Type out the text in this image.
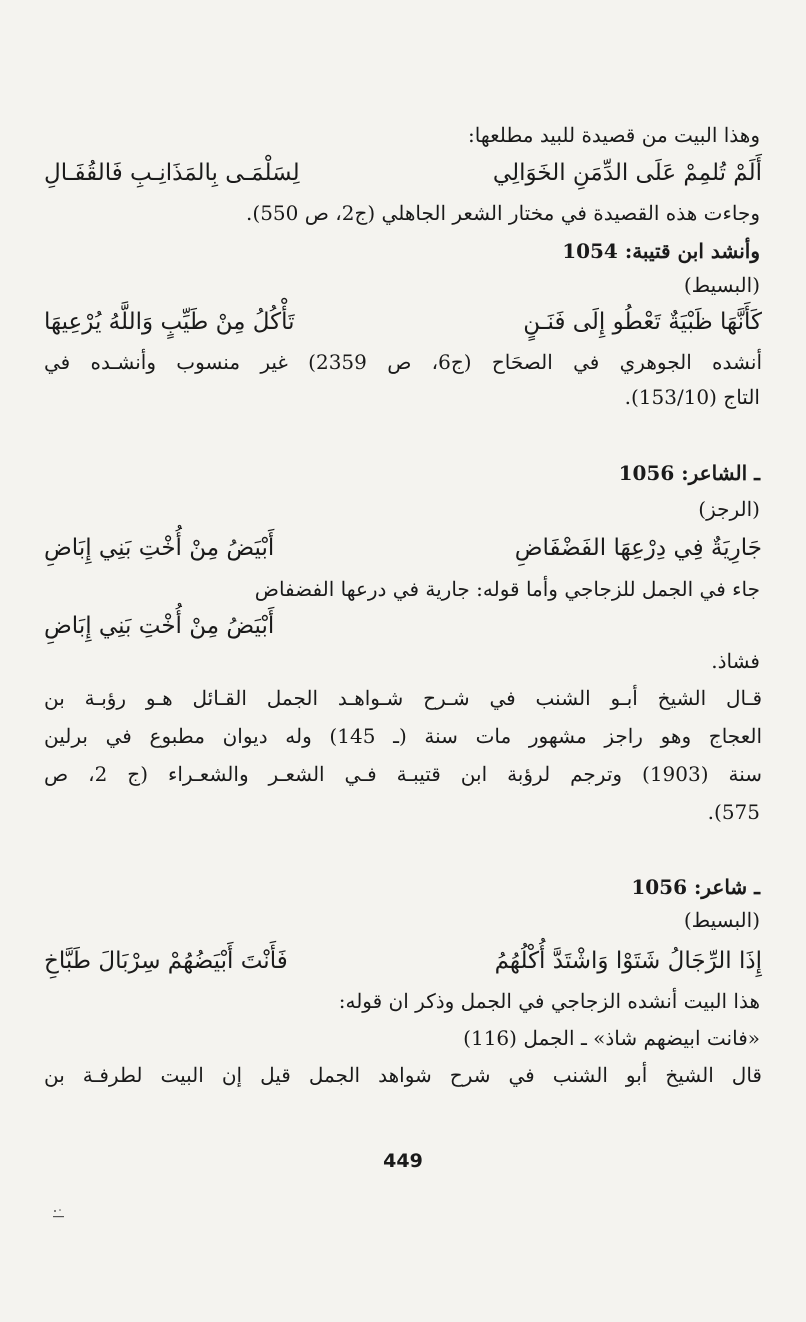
وهذا البيت من قصيدة للبيد مطلعها:
أَلَمْ تُلمِمْ عَلَى الدِّمَنِ الخَوَالِي
لِسَلْمَـى بِالمَذَانِـبِ فَالقُفَـالِ
وجاءت هذه القصيدة في مختار الشعر الجاهلي (ج2، ص 550).
وأنشد ابن قتيبة: 1054
(البسيط)
كَأَنَّهَا ظَبْيَةٌ تَعْطُو إِلَى فَنَـنٍ
تَأْكُلُ مِنْ طَيِّبٍ وَاللَّهُ يُرْعِيهَا
أنشده الجوهري في الصحَاح (ج6، ص 2359) غير منسوب وأنشـده في
التاج (153/10).
ـ الشاعر: 1056
(الرجز)
جَارِيَةٌ فِي دِرْعِهَا الفَضْفَاضِ
أَبْيَضُ مِنْ أُخْتِ بَنِي إِبَاضِ
جاء في الجمل للزجاجي وأما قوله: جارية في درعها الفضفاض
أَبْيَضُ مِنْ أُخْتِ بَنِي إِبَاضِ
فشاذ.
قـال الشيخ أبـو الشنب في شـرح شـواهـد الجمل القـائل هـو رؤبـة بن
العجاج وهو راجز مشهور مات سنة (ـ 145) وله ديوان مطبوع في برلين
سنة (1903) وترجم لرؤبة ابن قتيبـة فـي الشعـر والشعـراء (ج 2، ص
575).
ـ شاعر: 1056
(البسيط)
إِذَا الرِّجَالُ شَتَوْا وَاشْتَدَّ أُكْلُهُمُ
فَأَنْتَ أَبْيَضُهُمْ سِرْبَالَ طَبَّاخِ
هذا البيت أنشده الزجاجي في الجمل وذكر ان قوله:
«فانت ابيضهم شاذ» ـ الجمل (116)
قال الشيخ أبو الشنب في شرح شواهد الجمل قيل إن البيت لطرفـة بن
449
